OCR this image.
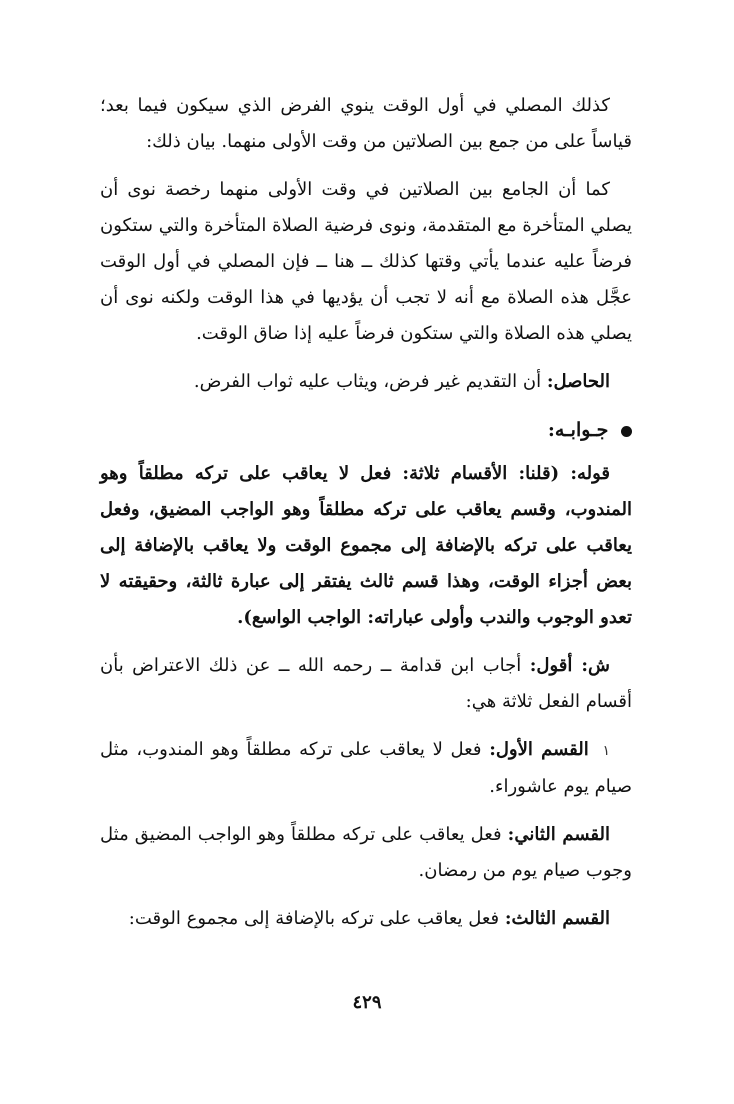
كذلك المصلي في أول الوقت ينوي الفرض الذي سيكون فيما بعد؛ قياساً على من جمع بين الصلاتين من وقت الأولى منهما. بيان ذلك:

كما أن الجامع بين الصلاتين في وقت الأولى منهما رخصة نوى أن يصلي المتأخرة مع المتقدمة، ونوى فرضية الصلاة المتأخرة والتي ستكون فرضاً عليه عندما يأتي وقتها كذلك ــ هنا ــ فإن المصلي في أول الوقت عجَّل هذه الصلاة مع أنه لا تجب أن يؤديها في هذا الوقت ولكنه نوى أن يصلي هذه الصلاة والتي ستكون فرضاً عليه إذا ضاق الوقت.

الحاصل: أن التقديم غير فرض، ويثاب عليه ثواب الفرض.

جـوابـه:

قوله: (قلنا: الأقسام ثلاثة: فعل لا يعاقب على تركه مطلقاً وهو المندوب، وقسم يعاقب على تركه مطلقاً وهو الواجب المضيق، وفعل يعاقب على تركه بالإضافة إلى مجموع الوقت ولا يعاقب بالإضافة إلى بعض أجزاء الوقت، وهذا قسم ثالث يفتقر إلى عبارة ثالثة، وحقيقته لا تعدو الوجوب والندب وأولى عباراته: الواجب الواسع).

ش: أقول: أجاب ابن قدامة ــ رحمه الله ــ عن ذلك الاعتراض بأن أقسام الفعل ثلاثة هي:

١ القسم الأول: فعل لا يعاقب على تركه مطلقاً وهو المندوب، مثل صيام يوم عاشوراء.

القسم الثاني: فعل يعاقب على تركه مطلقاً وهو الواجب المضيق مثل وجوب صيام يوم من رمضان.

القسم الثالث: فعل يعاقب على تركه بالإضافة إلى مجموع الوقت:

٤٢٩
